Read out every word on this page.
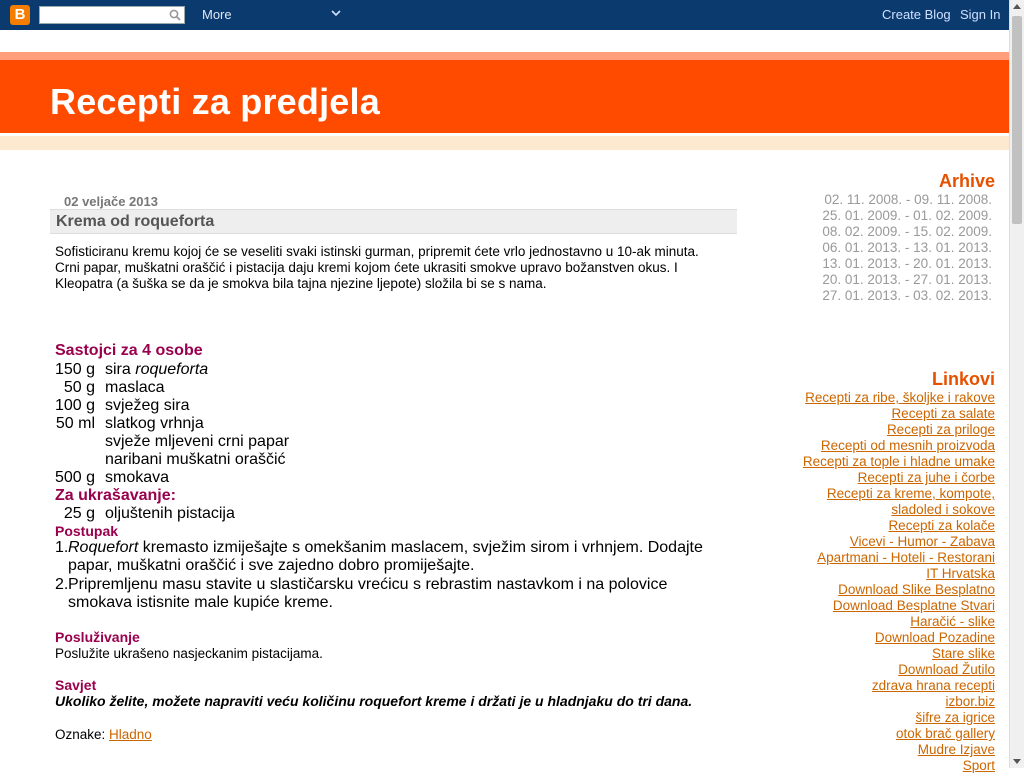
B	More	Create Blog Sign In
Recepti za predjela
02 veljače 2013
Krema od roqueforta
Sofisticiranu kremu kojoj će se veseliti svaki istinski gurman, pripremit ćete vrlo jednostavno u 10-ak minuta. Crni papar, muškatni oraščić i pistacija daju kremi kojom ćete ukrasiti smokve upravo božanstven okus. I Kleopatra (a šuška se da je smokva bila tajna njezine ljepote) složila bi se s nama.
Sastojci za 4 osobe
150 g sira roqueforta
50 g maslaca
100 g svježeg sira
50 ml slatkog vrhnja
svježe mljeveni crni papar
naribani muškatni oraščić
500 g smokava
Za ukrašavanje:
25 g oljuštenih pistacija
Postupak
1. Roquefort kremasto izmiješajte s omekšanim maslacem, svježim sirom i vrhnjem. Dodajte papar, muškatni oraščić i sve zajedno dobro promiješajte.
2. Pripremljenu masu stavite u slastičarsku vrećicu s rebrastim nastavkom i na polovice smokava istisnite male kupiće kreme.
Posluživanje
Poslužite ukrašeno nasjeckanim pistacijama.
Savjet
Ukoliko želite, možete napraviti veću količinu roquefort kreme i držati je u hladnjaku do tri dana.
Oznake: Hladno
Arhive
02. 11. 2008. - 09. 11. 2008.
25. 01. 2009. - 01. 02. 2009.
08. 02. 2009. - 15. 02. 2009.
06. 01. 2013. - 13. 01. 2013.
13. 01. 2013. - 20. 01. 2013.
20. 01. 2013. - 27. 01. 2013.
27. 01. 2013. - 03. 02. 2013.
Linkovi
Recepti za ribe, školjke i rakove
Recepti za salate
Recepti za priloge
Recepti od mesnih proizvoda
Recepti za tople i hladne umake
Recepti za juhe i čorbe
Recepti za kreme, kompote,
sladoled i sokove
Recepti za kolače
Vicevi - Humor - Zabava
Apartmani - Hoteli - Restorani
IT Hrvatska
Download Slike Besplatno
Download Besplatne Stvari
Haračić - slike
Download Pozadine
Stare slike
Download Žutilo
zdrava hrana recepti
izbor.biz
šifre za igrice
otok brač gallery
Mudre Izjave
Sport
